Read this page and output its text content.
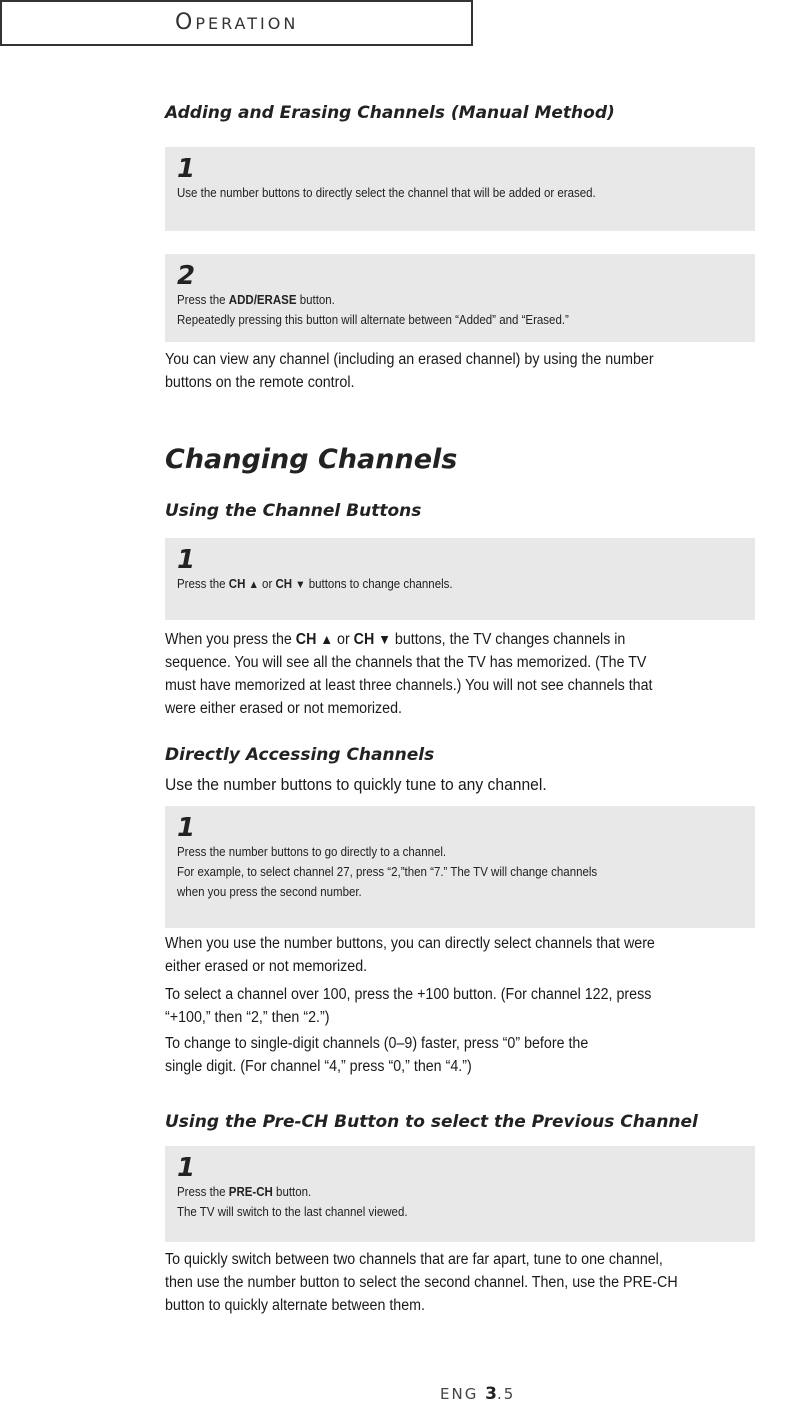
OPERATION
Adding and Erasing Channels (Manual Method)
1
Use the number buttons to directly select the channel that will be added or erased.
2
Press the ADD/ERASE button.
Repeatedly pressing this button will alternate between “Added” and “Erased.”

You can view any channel (including an erased channel) by using the number
buttons on the remote control.

Changing Channels
Using the Channel Buttons
1
Press the CH ▲ or CH ▼ buttons to change channels.

When you press the CH ▲ or CH ▼ buttons, the TV changes channels in
sequence. You will see all the channels that the TV has memorized. (The TV
must have memorized at least three channels.) You will not see channels that
were either erased or not memorized.

Directly Accessing Channels

Use the number buttons to quickly tune to any channel.

1
Press the number buttons to go directly to a channel.
For example, to select channel 27, press “2,”then “7.” The TV will change channels
when you press the second number.

When you use the number buttons, you can directly select channels that were
either erased or not memorized.

To select a channel over 100, press the +100 button. (For channel 122, press
“+100,” then “2,” then “2.”)

To change to single-digit channels (0–9) faster, press “0” before the
single digit. (For channel “4,” press “0,” then “4.”)

Using the Pre-CH Button to select the Previous Channel
1
Press the PRE-CH button.
The TV will switch to the last channel viewed.

To quickly switch between two channels that are far apart, tune to one channel,
then use the number button to select the second channel. Then, use the PRE-CH
button to quickly alternate between them.

ENG 3.5
